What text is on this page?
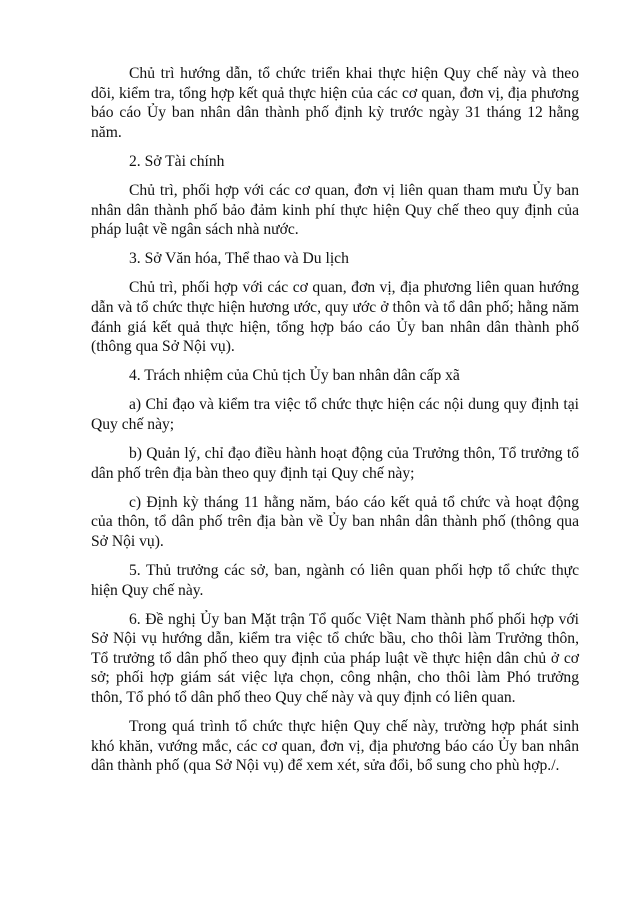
Chủ trì hướng dẫn, tổ chức triển khai thực hiện Quy chế này và theo dõi, kiểm tra, tổng hợp kết quả thực hiện của các cơ quan, đơn vị, địa phương báo cáo Ủy ban nhân dân thành phố định kỳ trước ngày 31 tháng 12 hằng năm.

2. Sở Tài chính

Chủ trì, phối hợp với các cơ quan, đơn vị liên quan tham mưu Ủy ban nhân dân thành phố bảo đảm kinh phí thực hiện Quy chế theo quy định của pháp luật về ngân sách nhà nước.

3. Sở Văn hóa, Thể thao và Du lịch

Chủ trì, phối hợp với các cơ quan, đơn vị, địa phương liên quan hướng dẫn và tổ chức thực hiện hương ước, quy ước ở thôn và tổ dân phố; hằng năm đánh giá kết quả thực hiện, tổng hợp báo cáo Ủy ban nhân dân thành phố (thông qua Sở Nội vụ).

4. Trách nhiệm của Chủ tịch Ủy ban nhân dân cấp xã

a) Chỉ đạo và kiểm tra việc tổ chức thực hiện các nội dung quy định tại Quy chế này;

b) Quản lý, chỉ đạo điều hành hoạt động của Trưởng thôn, Tổ trưởng tổ dân phố trên địa bàn theo quy định tại Quy chế này;

c) Định kỳ tháng 11 hằng năm, báo cáo kết quả tổ chức và hoạt động của thôn, tổ dân phố trên địa bàn về Ủy ban nhân dân thành phố (thông qua Sở Nội vụ).

5. Thủ trưởng các sở, ban, ngành có liên quan phối hợp tổ chức thực hiện Quy chế này.

6. Đề nghị Ủy ban Mặt trận Tổ quốc Việt Nam thành phố phối hợp với Sở Nội vụ hướng dẫn, kiểm tra việc tổ chức bầu, cho thôi làm Trưởng thôn, Tổ trưởng tổ dân phố theo quy định của pháp luật về thực hiện dân chủ ở cơ sở; phối hợp giám sát việc lựa chọn, công nhận, cho thôi làm Phó trưởng thôn, Tổ phó tổ dân phố theo Quy chế này và quy định có liên quan.

Trong quá trình tổ chức thực hiện Quy chế này, trường hợp phát sinh khó khăn, vướng mắc, các cơ quan, đơn vị, địa phương báo cáo Ủy ban nhân dân thành phố (qua Sở Nội vụ) để xem xét, sửa đổi, bổ sung cho phù hợp./.
